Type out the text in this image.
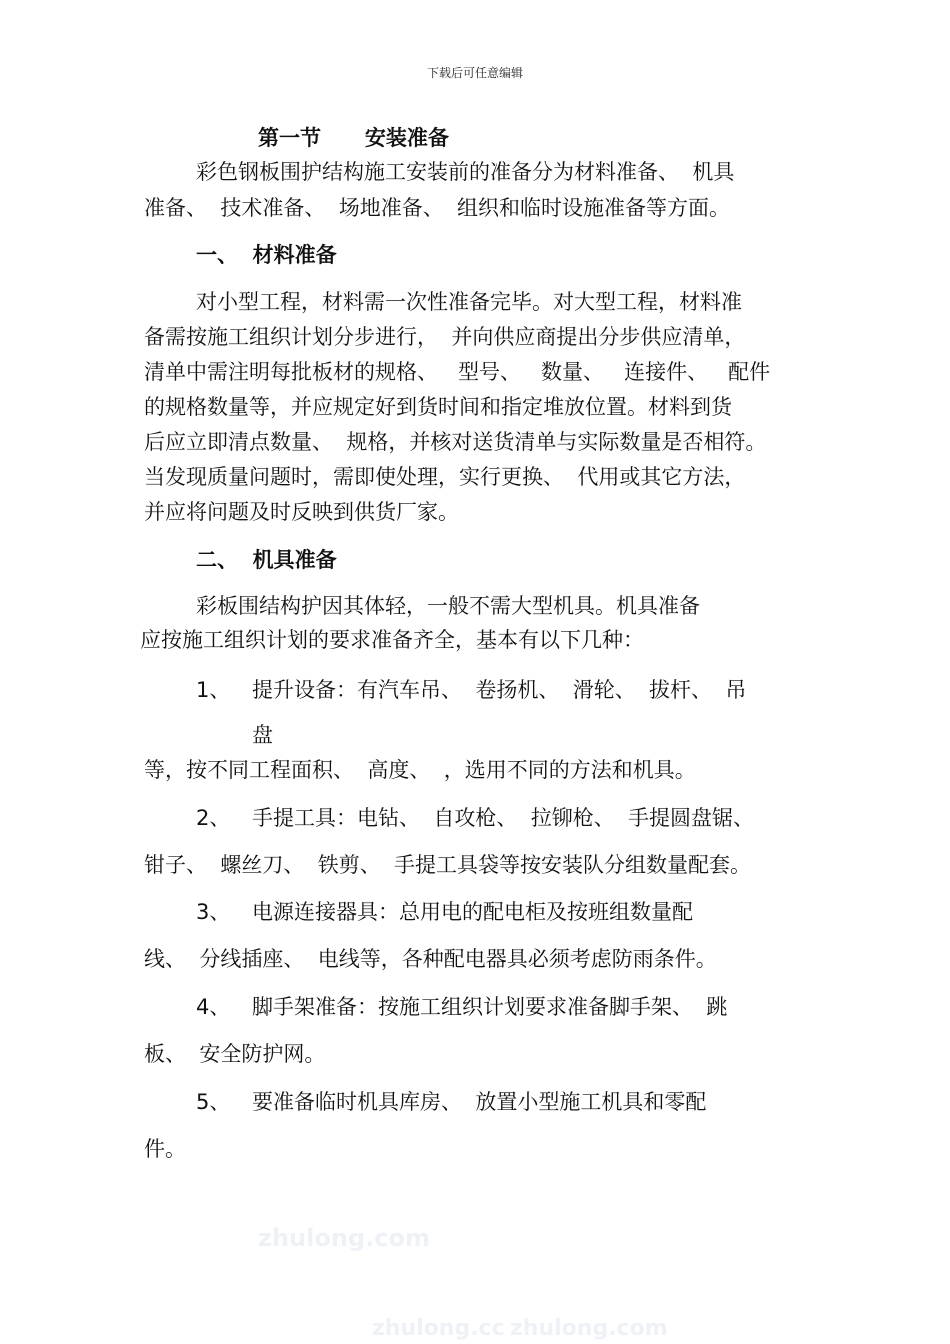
下载后可任意编辑
zhulong.com
zhulong.cc zhulong.com
第一节      安装准备
彩色钢板围护结构施工安装前的准备分为材料准备、  机具
准备、  技术准备、  场地准备、  组织和临时设施准备等方面。
一、  材料准备
对小型工程，材料需一次性准备完毕。对大型工程，材料准
备需按施工组织计划分步进行，  并向供应商提出分步供应清单，
清单中需注明每批板材的规格、   型号、   数量、   连接件、   配件
的规格数量等，并应规定好到货时间和指定堆放位置。材料到货
后应立即清点数量、  规格，并核对送货清单与实际数量是否相符。
当发现质量问题时，需即使处理，实行更换、  代用或其它方法，
并应将问题及时反映到供货厂家。
二、  机具准备
彩板围结构护因其体轻，一般不需大型机具。机具准备
应按施工组织计划的要求准备齐全，基本有以下几种：
1、 提升设备：有汽车吊、  卷扬机、  滑轮、  拔杆、  吊
盘
等，按不同工程面积、  高度、  ，选用不同的方法和机具。
2、 手提工具：电钻、  自攻枪、  拉铆枪、  手提圆盘锯、
钳子、  螺丝刀、  铁剪、  手提工具袋等按安装队分组数量配套。
3、 电源连接器具：总用电的配电柜及按班组数量配
线、  分线插座、  电线等，各种配电器具必须考虑防雨条件。
4、 脚手架准备：按施工组织计划要求准备脚手架、  跳
板、  安全防护网。
5、 要准备临时机具库房、  放置小型施工机具和零配
件。
